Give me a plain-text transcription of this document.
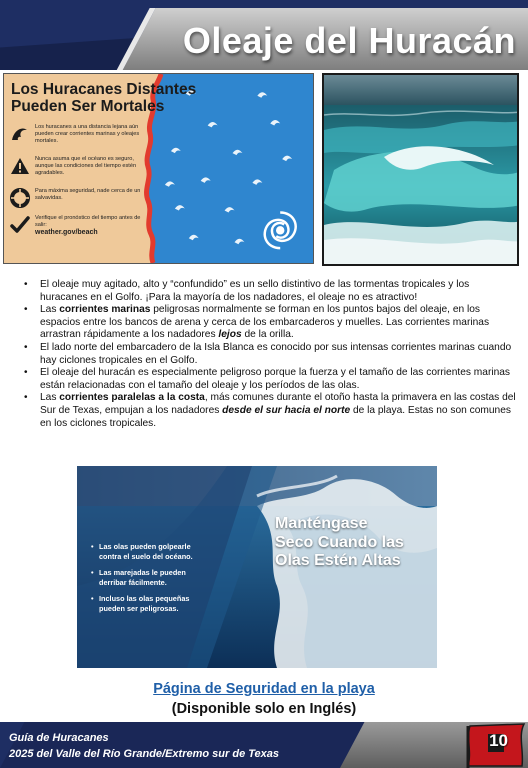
Oleaje del Huracán
Los Huracanes Distantes
Pueden Ser Mortales
Los huracanes a una distancia lejana aún pueden crear corrientes marinas y oleajes mortales.
Nunca asuma que el océano es seguro, aunque las condiciones del tiempo estén agradables.
Para máxima seguridad, nade cerca de un salvavidas.
Verifique el pronóstico del tiempo antes de salir:
weather.gov/beach
• El oleaje muy agitado, alto y “confundido” es un sello distintivo de las tormentas tropicales y los huracanes en el Golfo. ¡Para la mayoría de los nadadores, el oleaje no es atractivo!
• Las corrientes marinas peligrosas normalmente se forman en los puntos bajos del oleaje, en los espacios entre los bancos de arena y cerca de los embarcaderos y muelles. Las corrientes marinas arrastran rápidamente a los nadadores lejos de la orilla.
• El lado norte del embarcadero de la Isla Blanca es conocido por sus intensas corrientes marinas cuando hay ciclones tropicales en el Golfo.
• El oleaje del huracán es especialmente peligroso porque la fuerza y el tamaño de las corrientes marinas están relacionadas con el tamaño del oleaje y los períodos de las olas.
• Las corrientes paralelas a la costa, más comunes durante el otoño hasta la primavera en las costas del Sur de Texas, empujan a los nadadores desde el sur hacia el norte de la playa. Estas no son comunes en los ciclones tropicales.
• Las olas pueden golpearle contra el suelo del océano.
• Las marejadas le pueden derribar fácilmente.
• Incluso las olas pequeñas pueden ser peligrosas.
Manténgase
Seco Cuando las
Olas Estén Altas
Página de Seguridad en la playa
(Disponible solo en Inglés)
Guía de Huracanes
2025 del Valle del Río Grande/Extremo sur de Texas
10
